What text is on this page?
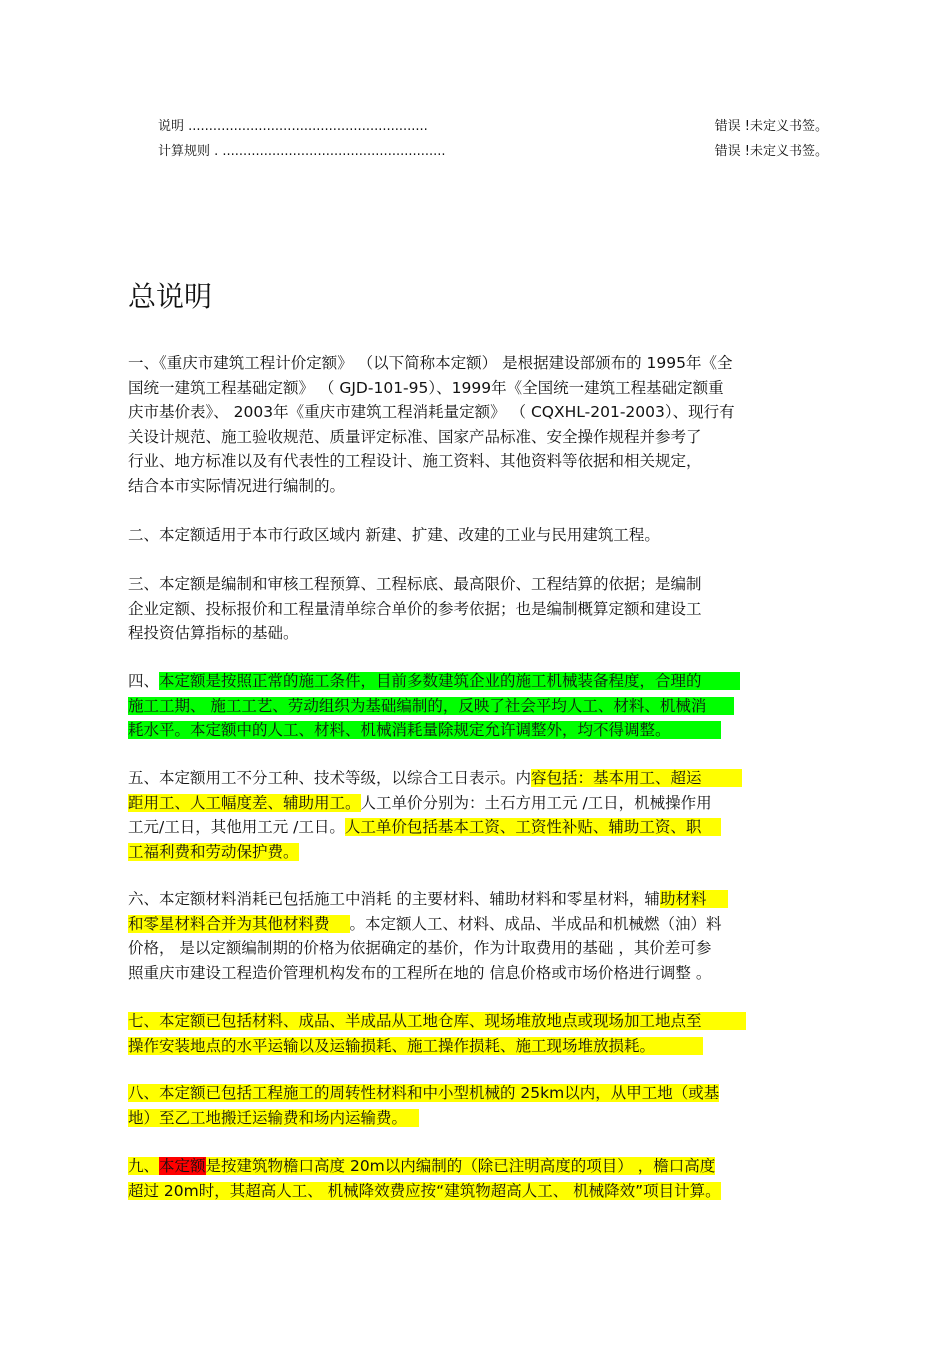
说明 ..........................................................	错误 !未定义书签。
计算规则 . ......................................................	错误 !未定义书签。
总说明
一、《重庆市建筑工程计价定额》 （以下简称本定额） 是根据建设部颁布的 1995年《全
国统一建筑工程基础定额》 （ GJD-101-95）、1999年《全国统一建筑工程基础定额重
庆市基价表》、 2003年《重庆市建筑工程消耗量定额》 （ CQXHL-201-2003）、现行有
关设计规范、施工验收规范、质量评定标准、国家产品标准、安全操作规程并参考了
行业、地方标准以及有代表性的工程设计、施工资料、其他资料等依据和相关规定，
结合本市实际情况进行编制的。
二、本定额适用于本市行政区域内 新建、扩建、改建的工业与民用建筑工程。
三、本定额是编制和审核工程预算、工程标底、最高限价、工程结算的依据；是编制
企业定额、投标报价和工程量清单综合单价的参考依据；也是编制概算定额和建设工
程投资估算指标的基础。
四、本定额是按照正常的施工条件，目前多数建筑企业的施工机械装备程度，合理的
施工工期、 施工工艺、劳动组织为基础编制的，反映了社会平均人工、材料、机械消
耗水平。本定额中的人工、材料、机械消耗量除规定允许调整外，均不得调整。
五、本定额用工不分工种、技术等级，以综合工日表示。内容包括：基本用工、超运
距用工、人工幅度差、辅助用工。人工单价分别为：土石方用工元 /工日，机械操作用
工元/工日，其他用工元 /工日。人工单价包括基本工资、工资性补贴、辅助工资、职
工福利费和劳动保护费。
六、本定额材料消耗已包括施工中消耗 的主要材料、辅助材料和零星材料，辅助材料
和零星材料合并为其他材料费 。本定额人工、材料、成品、半成品和机械燃（油）料
价格， 是以定额编制期的价格为依据确定的基价，作为计取费用的基础 ，其价差可参
照重庆市建设工程造价管理机构发布的工程所在地的 信息价格或市场价格进行调整 。
七、本定额已包括材料、成品、半成品从工地仓库、现场堆放地点或现场加工地点至
操作安装地点的水平运输以及运输损耗、施工操作损耗、施工现场堆放损耗。
八、本定额已包括工程施工的周转性材料和中小型机械的 25km以内，从甲工地（或基
地）至乙工地搬迁运输费和场内运输费。
九、本定额是按建筑物檐口高度 20m以内编制的（除已注明高度的项目） ，檐口高度
超过 20m时，其超高人工、 机械降效费应按“建筑物超高人工、 机械降效”项目计算。
